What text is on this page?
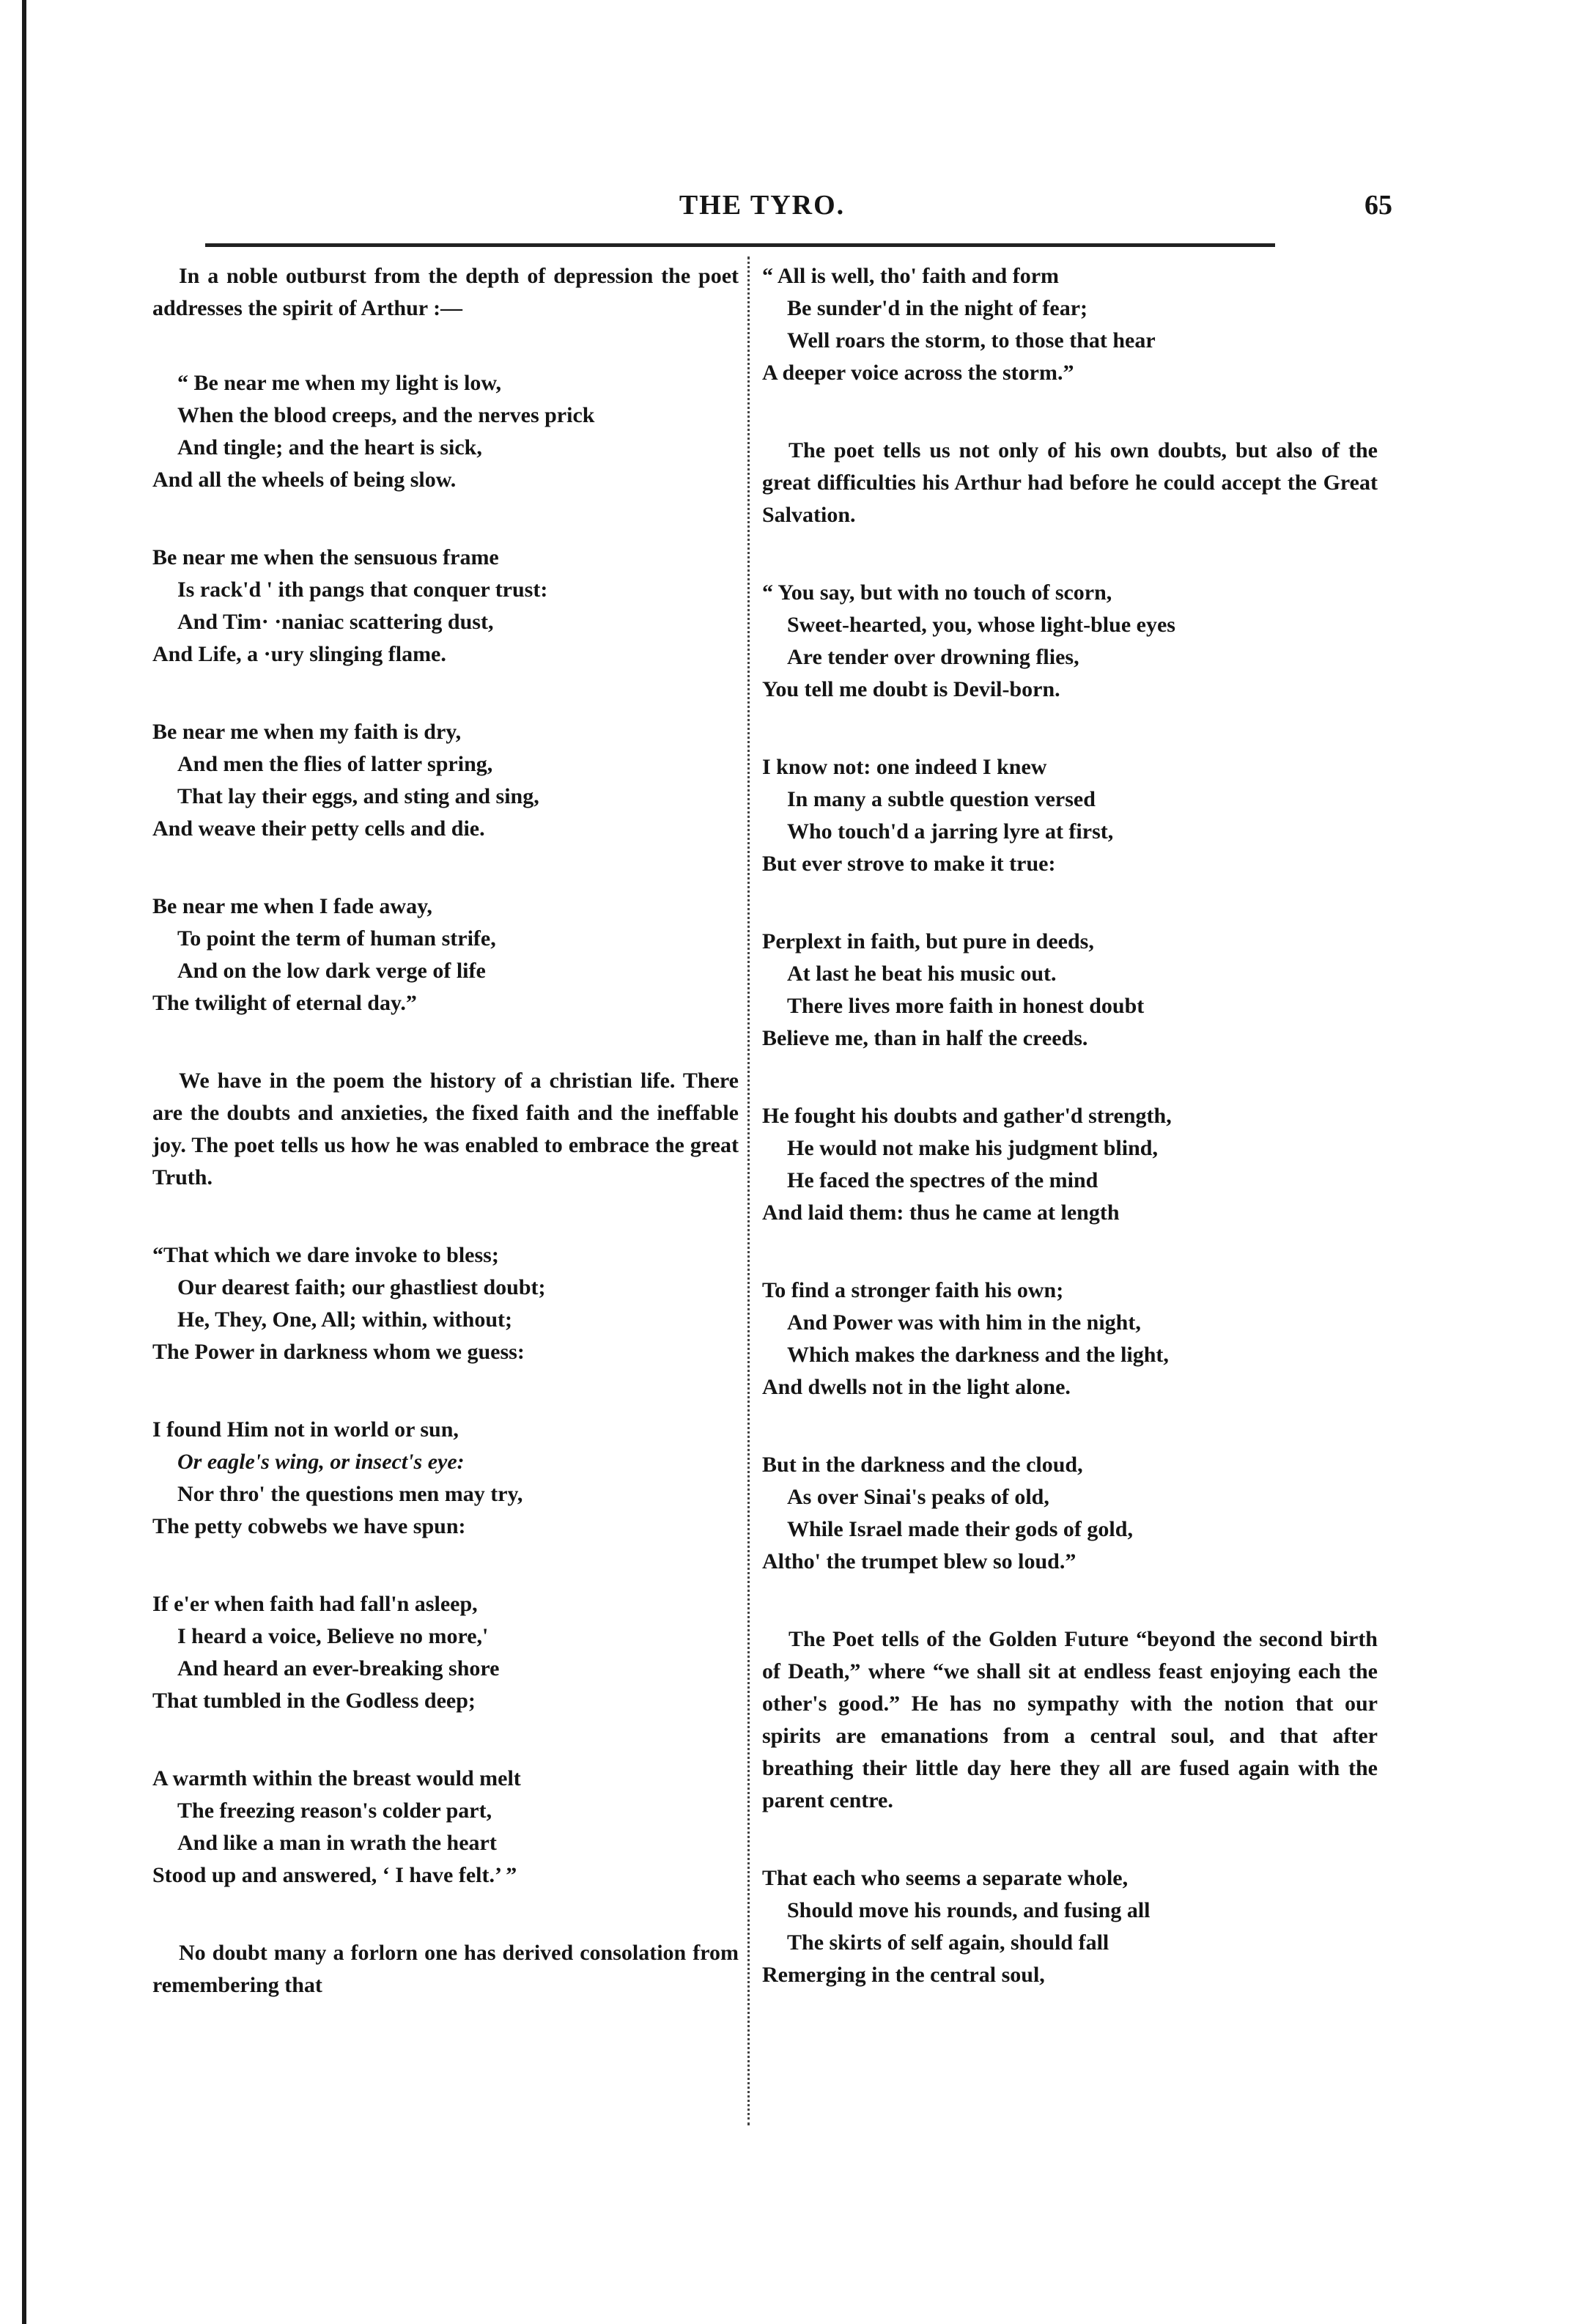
THE TYRO.	65

In a noble outburst from the depth of depression the poet addresses the spirit of Arthur :—

“ Be near me when my light is low,
When the blood creeps, and the nerves prick
And tingle; and the heart is sick,
And all the wheels of being slow.
Be near me when the sensuous frame
Is rack'd ' ith pangs that conquer trust:
And Tim· ·naniac scattering dust,
And Life, a ·ury slinging flame.
Be near me when my faith is dry,
And men the flies of latter spring,
That lay their eggs, and sting and sing,
And weave their petty cells and die.
Be near me when I fade away,
To point the term of human strife,
And on the low dark verge of life
The twilight of eternal day.”

We have in the poem the history of a christian life. There are the doubts and anxieties, the fixed faith and the ineffable joy. The poet tells us how he was enabled to embrace the great Truth.

“That which we dare invoke to bless;
Our dearest faith; our ghastliest doubt;
He, They, One, All; within, without;
The Power in darkness whom we guess:
I found Him not in world or sun,
Or eagle's wing, or insect's eye:
Nor thro' the questions men may try,
The petty cobwebs we have spun:
If e'er when faith had fall'n asleep,
I heard a voice, Believe no more,'
And heard an ever-breaking shore
That tumbled in the Godless deep;
A warmth within the breast would melt
The freezing reason's colder part,
And like a man in wrath the heart
Stood up and answered, ‘ I have felt.’ ”

No doubt many a forlorn one has derived consolation from remembering that

“ All is well, tho' faith and form
Be sunder'd in the night of fear;
Well roars the storm, to those that hear
A deeper voice across the storm.”

The poet tells us not only of his own doubts, but also of the great difficulties his Arthur had before he could accept the Great Salvation.

“ You say, but with no touch of scorn,
Sweet-hearted, you, whose light-blue eyes
Are tender over drowning flies,
You tell me doubt is Devil-born.
I know not: one indeed I knew
In many a subtle question versed
Who touch'd a jarring lyre at first,
But ever strove to make it true:
Perplext in faith, but pure in deeds,
At last he beat his music out.
There lives more faith in honest doubt
Believe me, than in half the creeds.
He fought his doubts and gather'd strength,
He would not make his judgment blind,
He faced the spectres of the mind
And laid them: thus he came at length
To find a stronger faith his own;
And Power was with him in the night,
Which makes the darkness and the light,
And dwells not in the light alone.
But in the darkness and the cloud,
As over Sinai's peaks of old,
While Israel made their gods of gold,
Altho' the trumpet blew so loud.”

The Poet tells of the Golden Future “beyond the second birth of Death,” where “we shall sit at endless feast enjoying each the other's good.” He has no sympathy with the notion that our spirits are emanations from a central soul, and that after breathing their little day here they all are fused again with the parent centre.

That each who seems a separate whole,
Should move his rounds, and fusing all
The skirts of self again, should fall
Remerging in the central soul,
